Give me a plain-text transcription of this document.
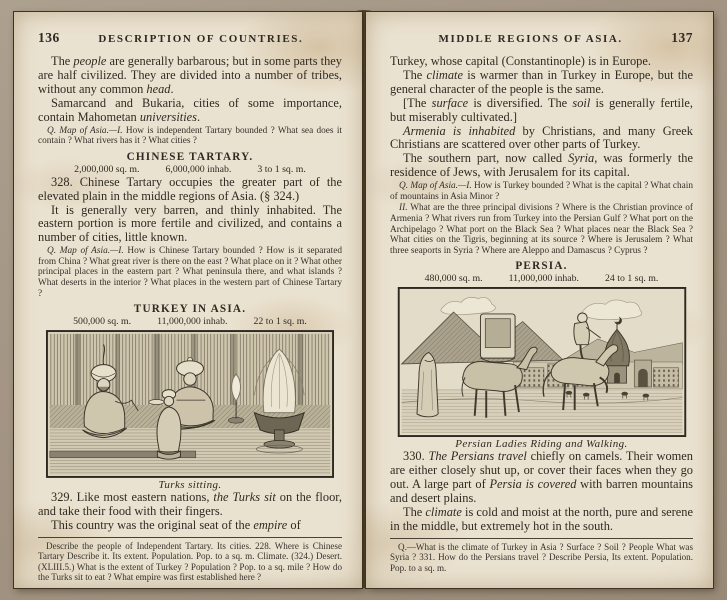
136	DESCRIPTION OF COUNTRIES.

The people are generally barbarous; but in some parts they are half civilized. They are divided into a number of tribes, without any common head.

Samarcand and Bukaria, cities of some importance, contain Mahometan universities.

Q. Map of Asia.—I. How is independent Tartary bounded ? What sea does it contain ? What rivers has it ? What cities ?

CHINESE TARTARY.
2,000,000 sq. m.	6,000,000 inhab.	3 to 1 sq. m.

328. Chinese Tartary occupies the greater part of the elevated plain in the middle regions of Asia. (§ 324.)

It is generally very barren, and thinly inhabited. The eastern portion is more fertile and civilized, and contains a number of cities, little known.

Q. Map of Asia.—I. How is Chinese Tartary bounded ? How is it separated from China ? What great river is there on the east ? What place on it ? What other principal places in the eastern part ? What peninsula there, and what islands ? What deserts in the interior ? What places in the western part of Chinese Tartary ?

TURKEY IN ASIA.
500,000 sq. m.	11,000,000 inhab.	22 to 1 sq. m.
Turks sitting.

329. Like most eastern nations, the Turks sit on the floor, and take their food with their fingers.

This country was the original seat of the empire of

Describe the people of Independent Tartary. Its cities. 228. Where is Chinese Tartary Describe it. Its extent. Population. Pop. to a sq. m. Climate. (324.) Desert. (XLIII.5.) What is the extent of Turkey ? Population ? Pop. to a sq. mile ? How do the Turks sit to eat ? What empire was first established here ?
MIDDLE REGIONS OF ASIA.	137

Turkey, whose capital (Constantinople) is in Europe.

The climate is warmer than in Turkey in Europe, but the general character of the people is the same.

[The surface is diversified. The soil is generally fertile, but miserably cultivated.]

Armenia is inhabited by Christians, and many Greek Christians are scattered over other parts of Turkey.

The southern part, now called Syria, was formerly the residence of Jews, with Jerusalem for its capital.

Q. Map of Asia.—I. How is Turkey bounded ? What is the capital ? What chain of mountains in Asia Minor ?

II. What are the three principal divisions ? Where is the Christian province of Armenia ? What rivers run from Turkey into the Persian Gulf ? What port on the Archipelago ? What port on the Black Sea ? What places near the Black Sea ? What cities on the Tigris, beginning at its source ? Where is Jerusalem ? What three seaports in Syria ? Where are Aleppo and Damascus ? Cyprus ?

PERSIA.
480,000 sq. m.	11,000,000 inhab.	24 to 1 sq. m.
Persian Ladies Riding and Walking.

330. The Persians travel chiefly on camels. Their women are either closely shut up, or cover their faces when they go out. A large part of Persia is covered with barren mountains and desert plains.

The climate is cold and moist at the north, pure and serene in the middle, but extremely hot in the south.

Q.—What is the climate of Turkey in Asia ? Surface ? Soil ? People What was Syria ? 331. How do the Persians travel ? Describe Persia, Its extent. Population. Pop. to a sq. m.
